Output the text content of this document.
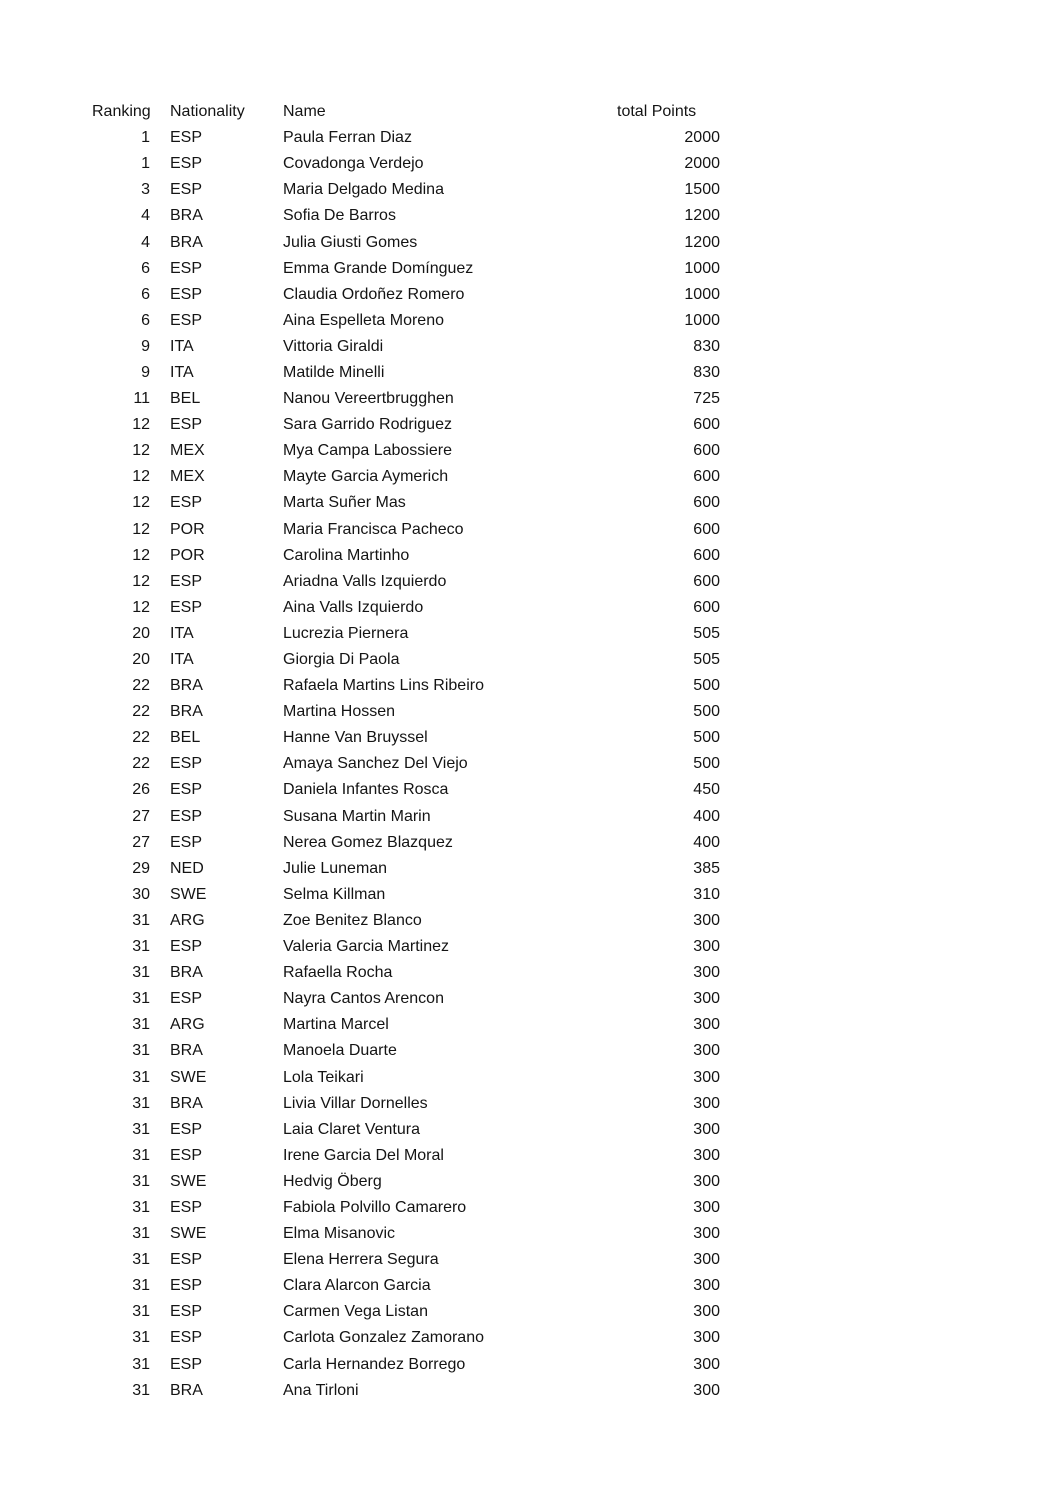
Ranking	Nationality	Name	total Points
1	ESP	Paula Ferran Diaz	2000
1	ESP	Covadonga Verdejo	2000
3	ESP	Maria Delgado Medina	1500
4	BRA	Sofia De Barros	1200
4	BRA	Julia Giusti Gomes	1200
6	ESP	Emma Grande Domínguez	1000
6	ESP	Claudia Ordoñez Romero	1000
6	ESP	Aina Espelleta Moreno	1000
9	ITA	Vittoria Giraldi	830
9	ITA	Matilde Minelli	830
11	BEL	Nanou Vereertbrugghen	725
12	ESP	Sara Garrido Rodriguez	600
12	MEX	Mya Campa Labossiere	600
12	MEX	Mayte Garcia Aymerich	600
12	ESP	Marta Suñer Mas	600
12	POR	Maria Francisca Pacheco	600
12	POR	Carolina Martinho	600
12	ESP	Ariadna Valls Izquierdo	600
12	ESP	Aina Valls Izquierdo	600
20	ITA	Lucrezia Piernera	505
20	ITA	Giorgia Di Paola	505
22	BRA	Rafaela Martins Lins Ribeiro	500
22	BRA	Martina Hossen	500
22	BEL	Hanne Van Bruyssel	500
22	ESP	Amaya Sanchez Del Viejo	500
26	ESP	Daniela Infantes Rosca	450
27	ESP	Susana Martin Marin	400
27	ESP	Nerea Gomez Blazquez	400
29	NED	Julie Luneman	385
30	SWE	Selma Killman	310
31	ARG	Zoe Benitez Blanco	300
31	ESP	Valeria Garcia Martinez	300
31	BRA	Rafaella Rocha	300
31	ESP	Nayra Cantos Arencon	300
31	ARG	Martina Marcel	300
31	BRA	Manoela Duarte	300
31	SWE	Lola Teikari	300
31	BRA	Livia Villar Dornelles	300
31	ESP	Laia Claret Ventura	300
31	ESP	Irene Garcia Del Moral	300
31	SWE	Hedvig Öberg	300
31	ESP	Fabiola Polvillo Camarero	300
31	SWE	Elma Misanovic	300
31	ESP	Elena Herrera Segura	300
31	ESP	Clara Alarcon Garcia	300
31	ESP	Carmen Vega Listan	300
31	ESP	Carlota Gonzalez Zamorano	300
31	ESP	Carla Hernandez Borrego	300
31	BRA	Ana Tirloni	300
